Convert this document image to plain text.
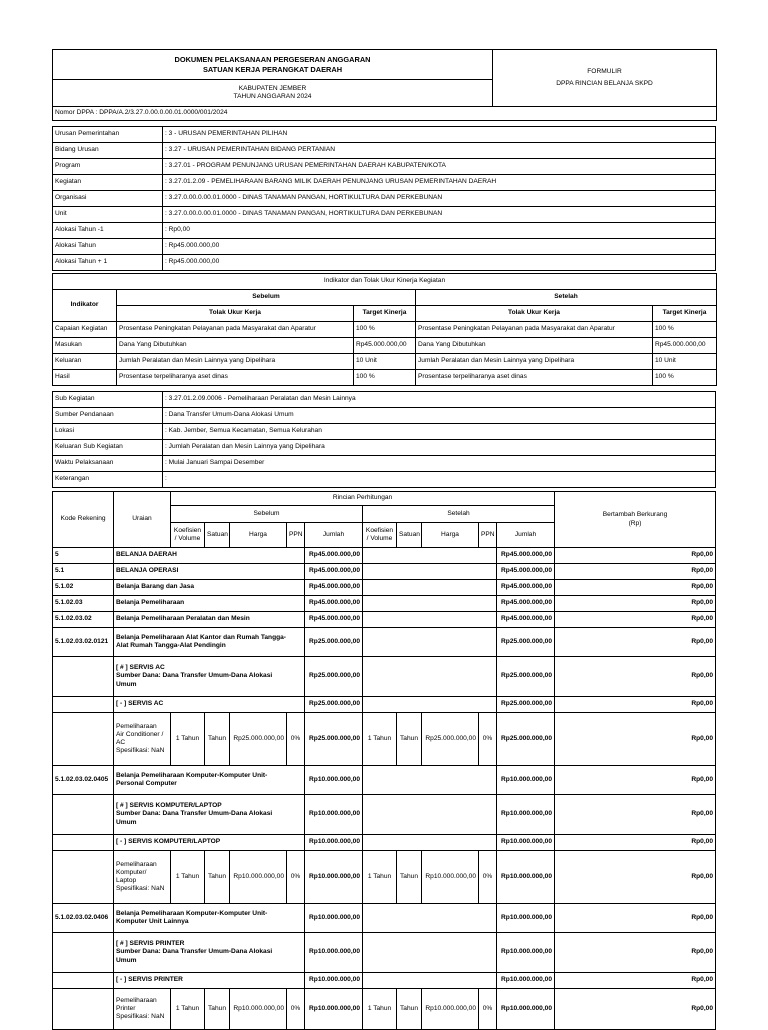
DOKUMEN PELAKSANAAN PERGESERAN ANGGARAN
SATUAN KERJA PERANGKAT DAERAH	FORMULIR
DPPA RINCIAN BELANJA SKPD

KABUPATEN JEMBER
TAHUN ANGGARAN 2024

Nomor DPPA : DPPA/A.2/3.27.0.00.0.00.01.0000/001/2024
Urusan Pemerintahan	: 3 - URUSAN PEMERINTAHAN PILIHAN
Bidang Urusan	: 3.27 - URUSAN PEMERINTAHAN BIDANG PERTANIAN
Program	: 3.27.01 - PROGRAM PENUNJANG URUSAN PEMERINTAHAN DAERAH KABUPATEN/KOTA
Kegiatan	: 3.27.01.2.09 - PEMELIHARAAN BARANG MILIK DAERAH PENUNJANG URUSAN PEMERINTAHAN DAERAH
Organisasi	: 3.27.0.00.0.00.01.0000 - DINAS TANAMAN PANGAN, HORTIKULTURA DAN PERKEBUNAN
Unit	: 3.27.0.00.0.00.01.0000 - DINAS TANAMAN PANGAN, HORTIKULTURA DAN PERKEBUNAN
Alokasi Tahun -1	: Rp0,00
Alokasi Tahun	: Rp45.000.000,00
Alokasi Tahun + 1	: Rp45.000.000,00
Indikator dan Tolak Ukur Kinerja Kegiatan				
Indikator	Sebelum		Setelah	
	Tolak Ukur Kerja	Target Kinerja	Tolak Ukur Kerja	Target Kinerja
Capaian Kegiatan	Prosentase Peningkatan Pelayanan pada Masyarakat dan Aparatur	100 %	Prosentase Peningkatan Pelayanan pada Masyarakat dan Aparatur	100 %
Masukan	Dana Yang Dibutuhkan	Rp45.000.000,00	Dana Yang Dibutuhkan	Rp45.000.000,00
Keluaran	Jumlah Peralatan dan Mesin Lainnya yang Dipelihara	10 Unit	Jumlah Peralatan dan Mesin Lainnya yang Dipelihara	10 Unit
Hasil	Prosentase terpeliharanya aset dinas	100 %	Prosentase terpeliharanya aset dinas	100 %
Sub Kegiatan	: 3.27.01.2.09.0006 - Pemeliharaan Peralatan dan Mesin Lainnya
Sumber Pendanaan	: Dana Transfer Umum-Dana Alokasi Umum
Lokasi	: Kab. Jember, Semua Kecamatan, Semua Kelurahan
Keluaran Sub Kegiatan	: Jumlah Peralatan dan Mesin Lainnya yang Dipelihara
Waktu Pelaksanaan	: Mulai Januari Sampai Desember
Keterangan	:
Kode Rekening	Uraian	Rincian Perhitungan										Bertambah Berkurang
(Rp)

		Sebelum					Setelah					
		Koefisien / Volume	Satuan	Harga	PPN	Jumlah	Koefisien / Volume	Satuan	Harga	PPN	Jumlah	
5	BELANJA DAERAH					Rp45.000.000,00					Rp45.000.000,00	Rp0,00
5.1	BELANJA OPERASI					Rp45.000.000,00					Rp45.000.000,00	Rp0,00
5.1.02	Belanja Barang dan Jasa					Rp45.000.000,00					Rp45.000.000,00	Rp0,00
5.1.02.03	Belanja Pemeliharaan					Rp45.000.000,00					Rp45.000.000,00	Rp0,00
5.1.02.03.02	Belanja Pemeliharaan Peralatan dan Mesin					Rp45.000.000,00					Rp45.000.000,00	Rp0,00
5.1.02.03.02.0121	Belanja Pemeliharaan Alat Kantor dan Rumah Tangga-
Alat Rumah Tangga-Alat Pendingin					Rp25.000.000,00					Rp25.000.000,00	Rp0,00

	[ # ] SERVIS AC
Sumber Dana: Dana Transfer Umum-Dana Alokasi
Umum					Rp25.000.000,00					Rp25.000.000,00	Rp0,00
	[ - ] SERVIS AC					Rp25.000.000,00					Rp25.000.000,00	Rp0,00

	Pemeliharaan
Air Conditioner /
AC
Spesifikasi: NaN	1 Tahun	Tahun	Rp25.000.000,00	0%	Rp25.000.000,00	1 Tahun	Tahun	Rp25.000.000,00	0%	Rp25.000.000,00	Rp0,00
5.1.02.03.02.0405	Belanja Pemeliharaan Komputer-Komputer Unit-
Personal Computer					Rp10.000.000,00					Rp10.000.000,00	Rp0,00

	[ # ] SERVIS KOMPUTER/LAPTOP
Sumber Dana: Dana Transfer Umum-Dana Alokasi
Umum					Rp10.000.000,00					Rp10.000.000,00	Rp0,00
	[ - ] SERVIS KOMPUTER/LAPTOP					Rp10.000.000,00					Rp10.000.000,00	Rp0,00

	Pemeliharaan
Komputer/
Laptop
Spesifikasi: NaN	1 Tahun	Tahun	Rp10.000.000,00	0%	Rp10.000.000,00	1 Tahun	Tahun	Rp10.000.000,00	0%	Rp10.000.000,00	Rp0,00
5.1.02.03.02.0406	Belanja Pemeliharaan Komputer-Komputer Unit-
Komputer Unit Lainnya					Rp10.000.000,00					Rp10.000.000,00	Rp0,00

	[ # ] SERVIS PRINTER
Sumber Dana: Dana Transfer Umum-Dana Alokasi
Umum					Rp10.000.000,00					Rp10.000.000,00	Rp0,00
	[ - ] SERVIS PRINTER					Rp10.000.000,00					Rp10.000.000,00	Rp0,00

	Pemeliharaan
Printer
Spesifikasi: NaN	1 Tahun	Tahun	Rp10.000.000,00	0%	Rp10.000.000,00	1 Tahun	Tahun	Rp10.000.000,00	0%	Rp10.000.000,00	Rp0,00
